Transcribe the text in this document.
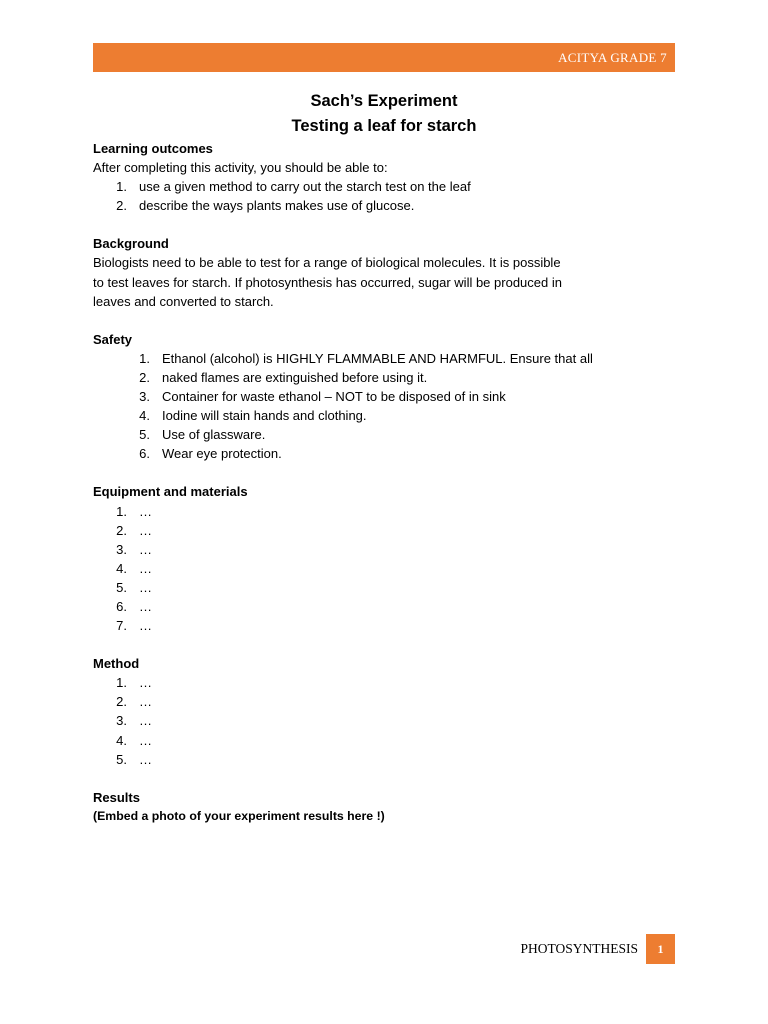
ACITYA GRADE 7
Sach’s Experiment
Testing a leaf for starch
Learning outcomes

After completing this activity, you should be able to:

1. use a given method to carry out the starch test on the leaf
2. describe the ways plants makes use of glucose.
Background

Biologists need to be able to test for a range of biological molecules. It is possible

to test leaves for starch. If photosynthesis has occurred, sugar will be produced in

leaves and converted to starch.

Safety
1. Ethanol (alcohol) is HIGHLY FLAMMABLE AND HARMFUL. Ensure that all
2. naked flames are extinguished before using it.
3. Container for waste ethanol – NOT to be disposed of in sink
4. Iodine will stain hands and clothing.
5. Use of glassware.
6. Wear eye protection.
Equipment and materials
1. …
2. …
3. …
4. …
5. …
6. …
7. …
Method
1. …
2. …
3. …
4. …
5. …
Results
(Embed a photo of your experiment results here !)
PHOTOSYNTHESIS	1
